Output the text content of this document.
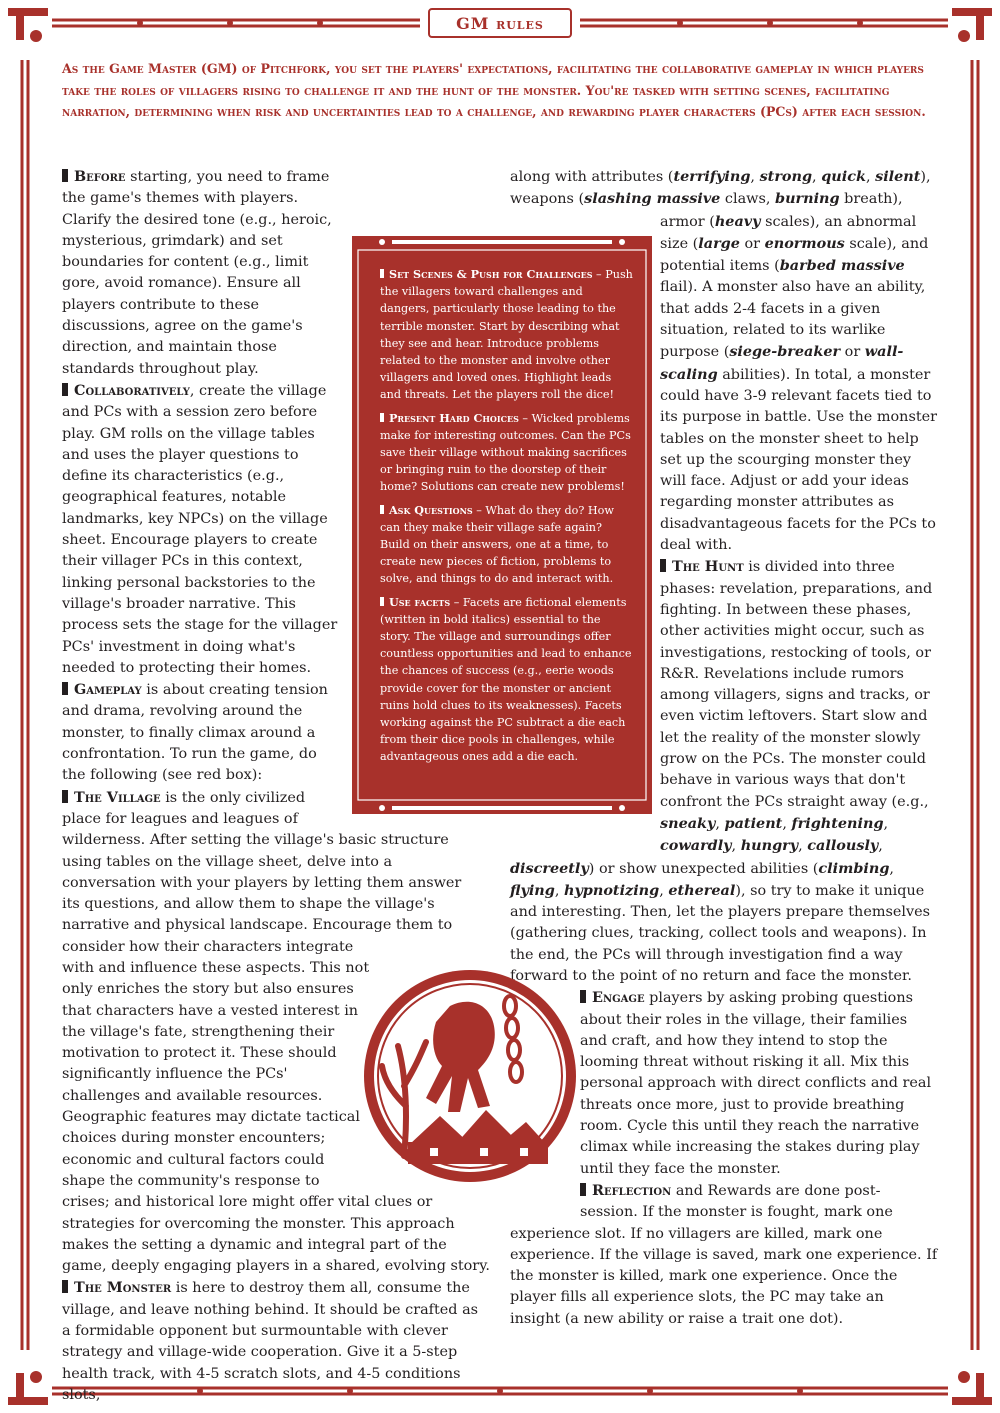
GM rules

As the Game Master (GM) of Pitchfork, you set the players' expectations, facilitating the collaborative gameplay in which players take the roles of villagers rising to challenge it and the hunt of the monster. You're tasked with setting scenes, facilitating narration, determining when risk and uncertainties lead to a challenge, and rewarding player characters (PCs) after each session.

Before starting, you need to frame the game's themes with players. Clarify the desired tone (e.g., heroic, mysterious, grimdark) and set boundaries for content (e.g., limit gore, avoid romance). Ensure all players contribute to these discussions, agree on the game's direction, and maintain those standards throughout play.

Collaboratively, create the village and PCs with a session zero before play. GM rolls on the village tables and uses the player questions to define its characteristics (e.g., geographical features, notable landmarks, key NPCs) on the village sheet. Encourage players to create their villager PCs in this context, linking personal backstories to the village's broader narrative. This process sets the stage for the villager PCs' investment in doing what's needed to protecting their homes.

Gameplay is about creating tension and drama, revolving around the monster, to finally climax around a confrontation. To run the game, do the following (see red box):

The Village is the only civilized place for leagues and leagues of wilderness. After setting the village's basic structure using tables on the village sheet, delve into a conversation with your players by letting them answer its questions, and allow them to shape the village's narrative and physical landscape. Encourage them to consider how their characters integrate with and influence these aspects. This not only enriches the story but also ensures that characters have a vested interest in the village's fate, strengthening their motivation to protect it. These should significantly influence the PCs' challenges and available resources. Geographic features may dictate tactical choices during monster encounters; economic and cultural factors could shape the community's response to crises; and historical lore might offer vital clues or strategies for overcoming the monster. This approach makes the setting a dynamic and integral part of the game, deeply engaging players in a shared, evolving story.

The Monster is here to destroy them all, consume the village, and leave nothing behind. It should be crafted as a formidable opponent but surmountable with clever strategy and village-wide cooperation. Give it a 5-step health track, with 4-5 scratch slots, and 4-5 conditions slots,

along with attributes (terrifying, strong, quick, silent), weapons (slashing massive claws, burning breath), armor (heavy scales), an abnormal size (large or enormous scale), and potential items (barbed massive flail). A monster also have an ability, that adds 2-4 facets in a given situation, related to its warlike purpose (siege-breaker or wall-scaling abilities). In total, a monster could have 3-9 relevant facets tied to its purpose in battle. Use the monster tables on the monster sheet to help set up the scourging monster they will face. Adjust or add your ideas regarding monster attributes as disadvantageous facets for the PCs to deal with.

The Hunt is divided into three phases: revelation, preparations, and fighting. In between these phases, other activities might occur, such as investigations, restocking of tools, or R&R. Revelations include rumors among villagers, signs and tracks, or even victim leftovers. Start slow and let the reality of the monster slowly grow on the PCs. The monster could behave in various ways that don't confront the PCs straight away (e.g., sneaky, patient, frightening, cowardly, hungry, callously, discreetly) or show unexpected abilities (climbing, flying, hypnotizing, ethereal), so try to make it unique and interesting. Then, let the players prepare themselves (gathering clues, tracking, collect tools and weapons). In the end, the PCs will through investigation find a way forward to the point of no return and face the monster.

Engage players by asking probing questions about their roles in the village, their families and craft, and how they intend to stop the looming threat without risking it all. Mix this personal approach with direct conflicts and real threats once more, just to provide breathing room. Cycle this until they reach the narrative climax while increasing the stakes during play until they face the monster.

Reflection and Rewards are done post-session. If the monster is fought, mark one experience slot. If no villagers are killed, mark one experience. If the village is saved, mark one experience. If the monster is killed, mark one experience. Once the player fills all experience slots, the PC may take an insight (a new ability or raise a trait one dot).

Set Scenes & Push for Challenges – Push the villagers toward challenges and dangers, particularly those leading to the terrible monster. Start by describing what they see and hear. Introduce problems related to the monster and involve other villagers and loved ones. Highlight leads and threats. Let the players roll the dice!

Present Hard Choices – Wicked problems make for interesting outcomes. Can the PCs save their village without making sacrifices or bringing ruin to the doorstep of their home? Solutions can create new problems!

Ask Questions – What do they do? How can they make their village safe again? Build on their answers, one at a time, to create new pieces of fiction, problems to solve, and things to do and interact with.

Use facets – Facets are fictional elements (written in bold italics) essential to the story. The village and surroundings offer countless opportunities and lead to enhance the chances of success (e.g., eerie woods provide cover for the monster or ancient ruins hold clues to its weaknesses). Facets working against the PC subtract a die each from their dice pools in challenges, while advantageous ones add a die each.
